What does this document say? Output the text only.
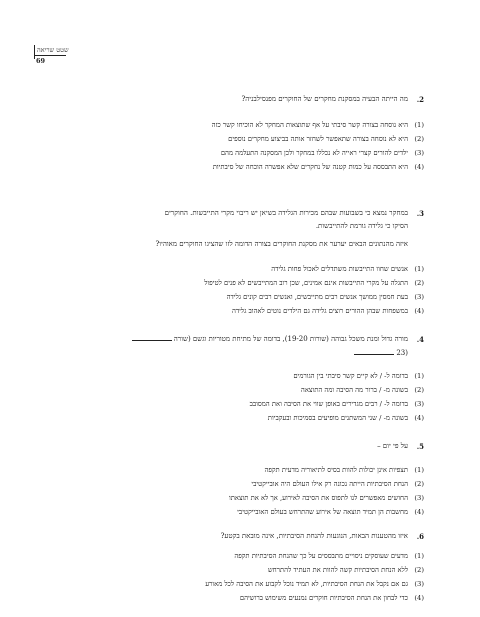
שטט שריאה
69
.2
מה הייתה הבעיה במסקנת מחקרים של החוקרים מפנסילבניה?
(1)
היא נוסחה בצורה קשר סיבתי על אף שתוצאות המחקר לא הוכיחו קשר כזה
(2)
היא לא נוסחה בצורה שתאפשר לשחזר אותה בביצוע מחקרים נוספים
(3)
ילדים להורים קצרי ראייה לא נכללו במחקר ולכן המסקנה התעלמה מהם
(4)
היא התבססה על כמות קטנה של נחקרים שלא אפשרה הוכחה של סיבתיות
.3
במחקר נמצא כי בשבועות שבהם מכירות הגלידה בשיאן יש ריבוי מקרי התייבשות. החוקרים
הסיקו כי גלידה גורמת להתייבשות.
איזה מהנתונים הבאים יערער את מסקנת החוקרים בצורה הדומה לזו שהציגו החוקרים מאוהיו?
(1)
אנשים שחוו התייבשות משתדלים לאכול פחות גלידה
(2)
התגלה על מקרי התייבשות אינם אמינים, שכן רוב המתייבשים לא פנים לטיפול
(3)
בעת חמסין ממושך אנשים רבים מתייבשים, ואנשים רבים קונים גלידה
(4)
במשפחות שבהן ההורים רוצים גלידה גם הילדים נוטים לאהוב גלידה
.4
מורה גדול ומנת משכל גבוהה (שורות 19-20), בדומה של מתיחת מטוריות וגשם (שורה
(23
(1)
בדומה ל- / לא קיים קשר סיבתי בין הגורמים
(2)
בשונה מ- / ברור מה הסיבה ומה התוצאה
(3)
בדומה ל- / רבים מגדירים באופן שווי את הסיבה ואת המסובב
(4)
בשונה מ- / שני המשתנים מופיעים בסמיכות ובעקביות
.5
על פי יום –
(1)
תצפיות אינן יכולות להוות בסיס לתיאוריה מדעית תקפה
(2)
הנחת הסיבתיות הייתה נכונה רק אילו העולם היה אובייקטיבי
(3)
החושים מאפשרים לנו לתפוס את הסיבה לאירוע, אך לא את תוצאתו
(4)
מחשבות הן תמיד תוצאה של אירוע שהתרחש בעולם האובייקטיבי
.6
איזו מהטענות הבאות, הנוגעות להנחת הסיבתיות, אינה מובאת בקטע?
(1)
מדעים שעוסקים ניסויים מתבססים על כך שהנחת הסיבתיות תקפה
(2)
ללא הנחת הסיבתיות קשה להוות את העתיד להתרחש
(3)
גם אם נקבל את הנחת הסיבתיות, לא תמיד נוכל לקבוע את הסיבה לכל מאורע
(4)
כדי לבחון את הנחת הסיבתיות חוקרים נמנעים משימוש ברושיהם
